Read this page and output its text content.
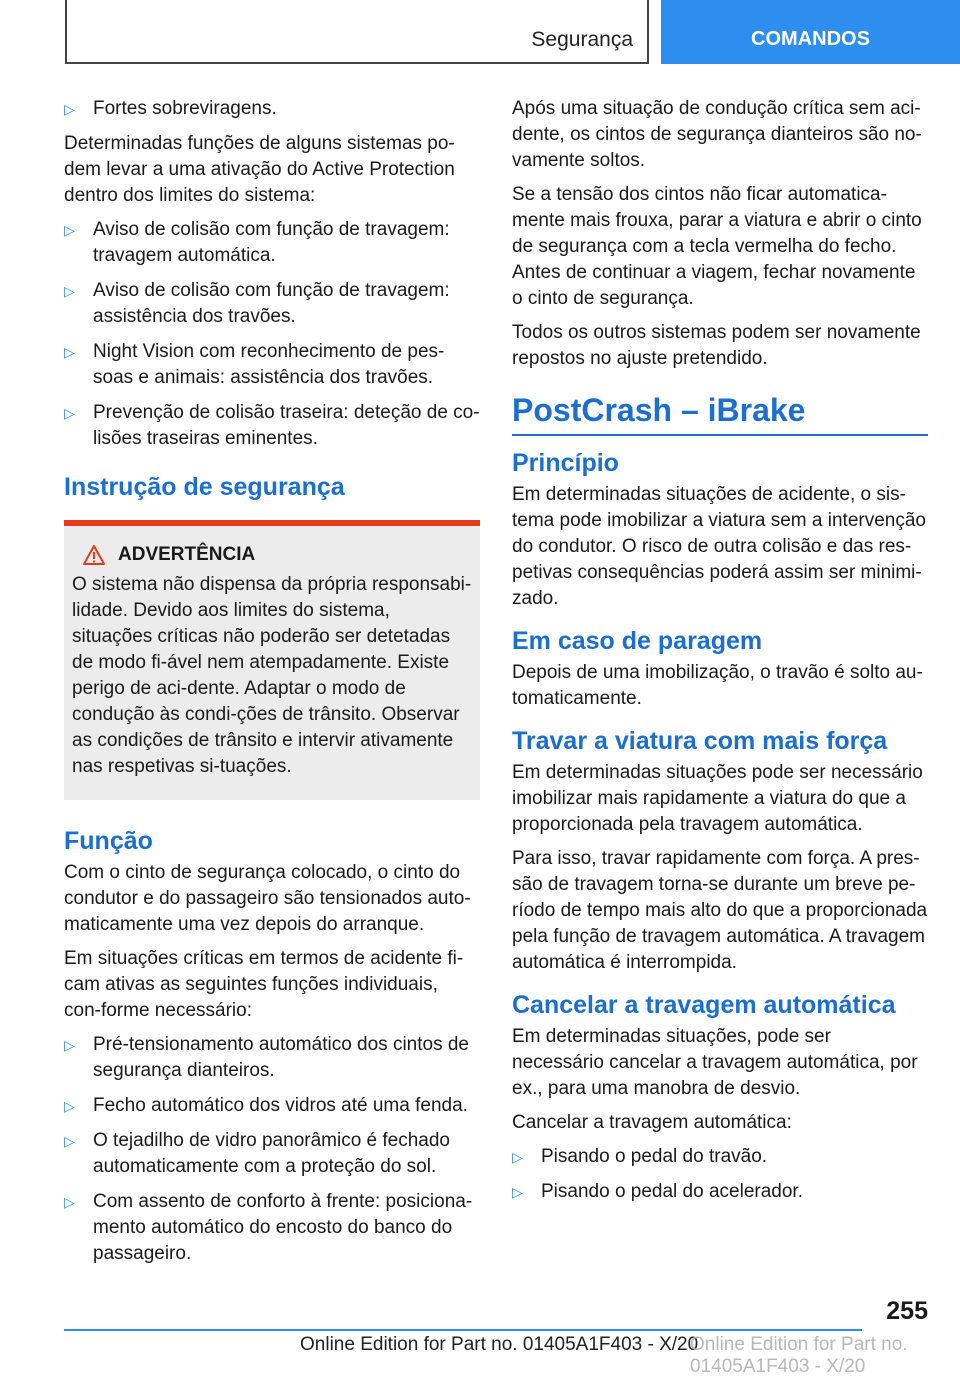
Segurança	COMANDOS
▷ Fortes sobreviragens.

Determinadas funções de alguns sistemas po-dem levar a uma ativação do Active Protection dentro dos limites do sistema:

▷ Aviso de colisão com função de travagem: travagem automática.
▷ Aviso de colisão com função de travagem: assistência dos travões.
▷ Night Vision com reconhecimento de pes-soas e animais: assistência dos travões.
▷ Prevenção de colisão traseira: deteção de co-lisões traseiras eminentes.
Instrução de segurança
ADVERTÊNCIA

O sistema não dispensa da própria responsabi-lidade. Devido aos limites do sistema, situações críticas não poderão ser detetadas de modo fi-ável nem atempadamente. Existe perigo de aci-dente. Adaptar o modo de condução às condi-ções de trânsito. Observar as condições de trânsito e intervir ativamente nas respetivas si-tuações.

Função

Com o cinto de segurança colocado, o cinto do condutor e do passageiro são tensionados auto-maticamente uma vez depois do arranque.

Em situações críticas em termos de acidente fi-cam ativas as seguintes funções individuais, con-forme necessário:

▷ Pré-tensionamento automático dos cintos de segurança dianteiros.
▷ Fecho automático dos vidros até uma fenda.
▷ O tejadilho de vidro panorâmico é fechado automaticamente com a proteção do sol.
▷ Com assento de conforto à frente: posiciona-mento automático do encosto do banco do passageiro.

Após uma situação de condução crítica sem aci-dente, os cintos de segurança dianteiros são no-vamente soltos.

Se a tensão dos cintos não ficar automatica-mente mais frouxa, parar a viatura e abrir o cinto de segurança com a tecla vermelha do fecho. Antes de continuar a viagem, fechar novamente o cinto de segurança.

Todos os outros sistemas podem ser novamente repostos no ajuste pretendido.

PostCrash – iBrake
Princípio

Em determinadas situações de acidente, o sis-tema pode imobilizar a viatura sem a intervenção do condutor. O risco de outra colisão e das res-petivas consequências poderá assim ser minimi-zado.

Em caso de paragem

Depois de uma imobilização, o travão é solto au-tomaticamente.

Travar a viatura com mais força

Em determinadas situações pode ser necessário imobilizar mais rapidamente a viatura do que a proporcionada pela travagem automática.

Para isso, travar rapidamente com força. A pres-são de travagem torna-se durante um breve pe-ríodo de tempo mais alto do que a proporcionada pela função de travagem automática. A travagem automática é interrompida.

Cancelar a travagem automática

Em determinadas situações, pode ser necessário cancelar a travagem automática, por ex., para uma manobra de desvio.

Cancelar a travagem automática:

▷ Pisando o pedal do travão.
▷ Pisando o pedal do acelerador.
255
Online Edition for Part no. 01405A1F403 - X/20
Online Edition for Part no. 01405A1F403 - X/20
